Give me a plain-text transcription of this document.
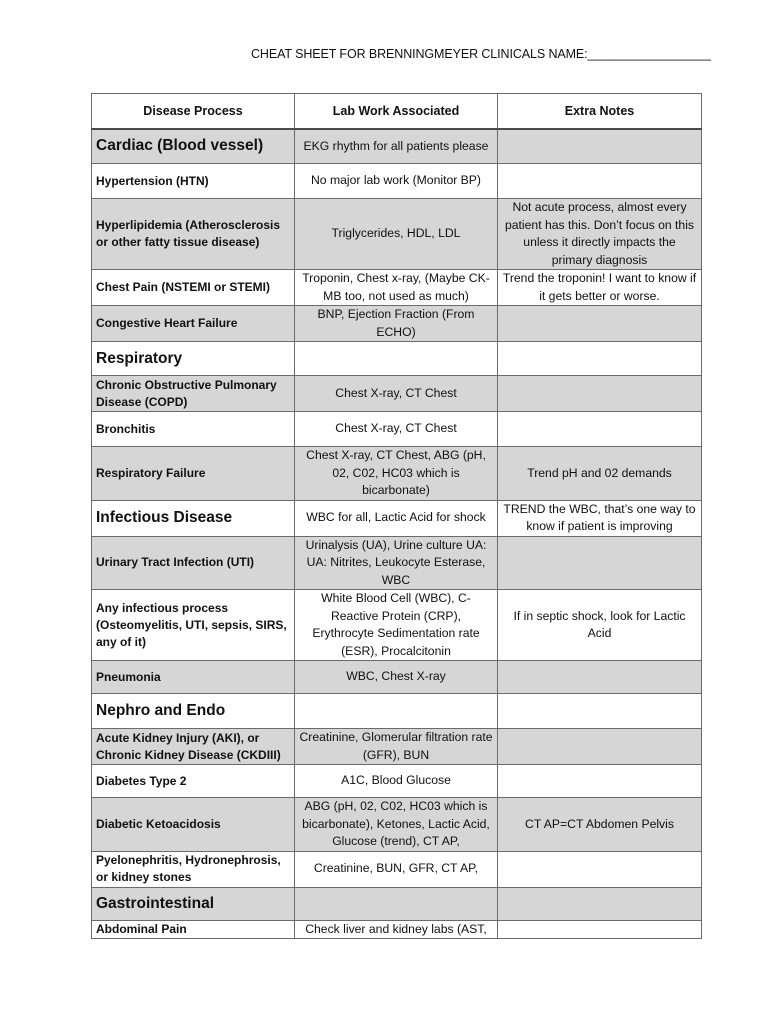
CHEAT SHEET FOR BRENNINGMEYER CLINICALS NAME:__________________
Disease Process	Lab Work Associated	Extra Notes
Cardiac (Blood vessel)	EKG rhythm for all patients please	
Hypertension (HTN)	No major lab work (Monitor BP)	
Hyperlipidemia (Atherosclerosis or other fatty tissue disease)	Triglycerides, HDL, LDL	Not acute process, almost every patient has this. Don’t focus on this unless it directly impacts the primary diagnosis
Chest Pain (NSTEMI or STEMI)	Troponin, Chest x-ray, (Maybe CK-MB too, not used as much)	Trend the troponin! I want to know if it gets better or worse.
Congestive Heart Failure	BNP, Ejection Fraction (From ECHO)	
Respiratory		
Chronic Obstructive Pulmonary Disease (COPD)	Chest X-ray, CT Chest	
Bronchitis	Chest X-ray, CT Chest	
Respiratory Failure	Chest X-ray, CT Chest, ABG (pH, 02, C02, HC03 which is bicarbonate)	Trend pH and 02 demands
Infectious Disease	WBC for all, Lactic Acid for shock	TREND the WBC, that’s one way to know if patient is improving
Urinary Tract Infection (UTI)	Urinalysis (UA), Urine culture UA: UA: Nitrites, Leukocyte Esterase, WBC	
Any infectious process (Osteomyelitis, UTI, sepsis, SIRS, any of it)	White Blood Cell (WBC), C-Reactive Protein (CRP), Erythrocyte Sedimentation rate (ESR), Procalcitonin	If in septic shock, look for Lactic Acid
Pneumonia	WBC, Chest X-ray	
Nephro and Endo		
Acute Kidney Injury (AKI), or Chronic Kidney Disease (CKDIII)	Creatinine, Glomerular filtration rate (GFR), BUN	
Diabetes Type 2	A1C, Blood Glucose	
Diabetic Ketoacidosis	ABG (pH, 02, C02, HC03 which is bicarbonate), Ketones, Lactic Acid, Glucose (trend), CT AP,	CT AP=CT Abdomen Pelvis
Pyelonephritis, Hydronephrosis, or kidney stones	Creatinine, BUN, GFR, CT AP,	
Gastrointestinal		
Abdominal Pain	Check liver and kidney labs (AST,	
